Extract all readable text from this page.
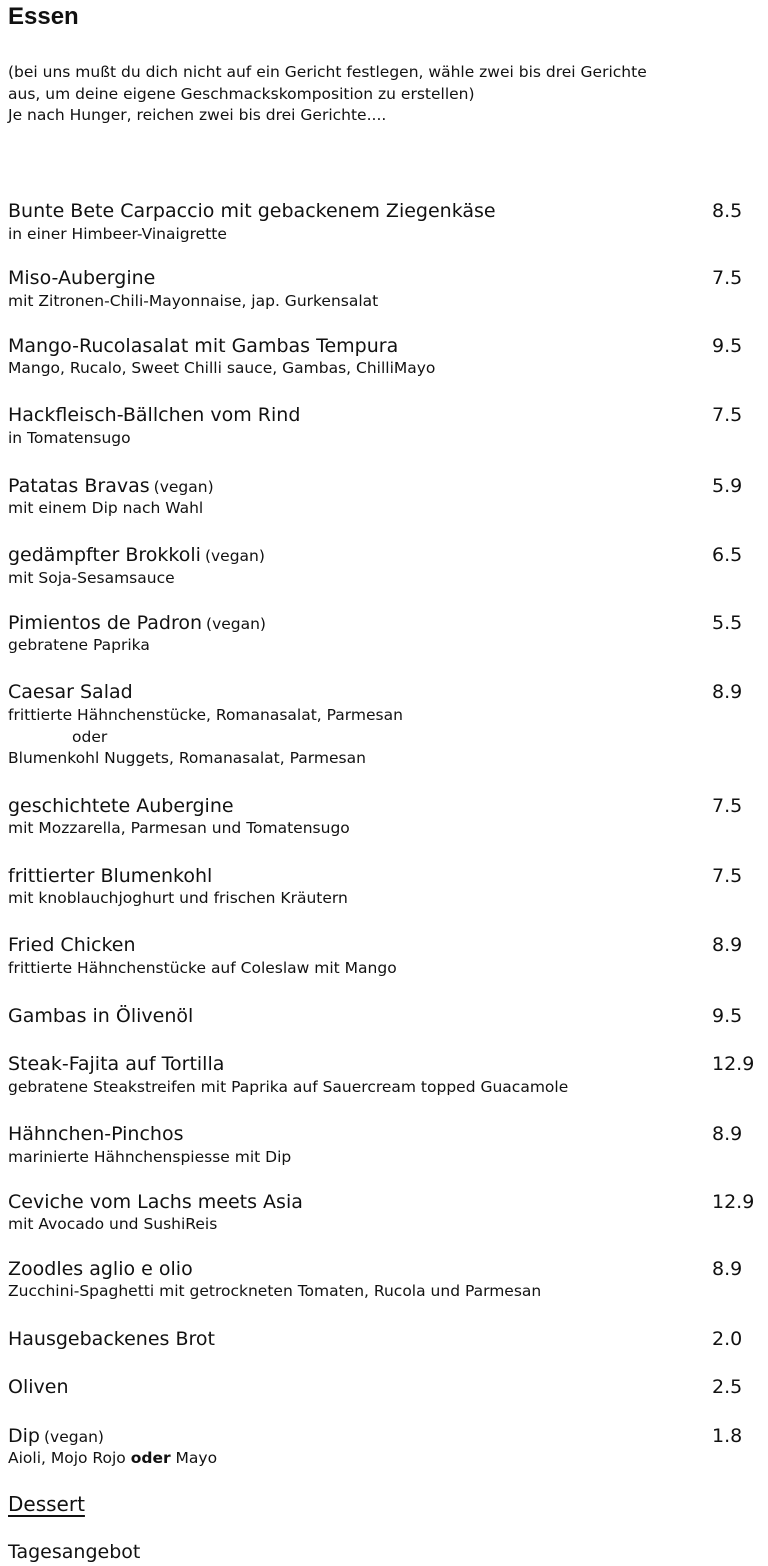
Essen
(bei uns mußt du dich nicht auf ein Gericht festlegen, wähle zwei bis drei Gerichte
aus, um deine eigene Geschmackskomposition zu erstellen)
Je nach Hunger, reichen zwei bis drei Gerichte....
Bunte Bete Carpaccio mit gebackenem Ziegenkäse	8.5
in einer Himbeer-Vinaigrette
Miso-Aubergine	7.5
mit Zitronen-Chili-Mayonnaise, jap. Gurkensalat
Mango-Rucolasalat mit Gambas Tempura	9.5
Mango, Rucalo, Sweet Chilli sauce, Gambas, ChilliMayo
Hackfleisch-Bällchen vom Rind	7.5
in Tomatensugo
Patatas Bravas (vegan)	5.9
mit einem Dip nach Wahl
gedämpfter Brokkoli (vegan)	6.5
mit Soja-Sesamsauce
Pimientos de Padron (vegan)	5.5
gebratene Paprika
Caesar Salad	8.9
frittierte Hähnchenstücke, Romanasalat, Parmesan
oder
Blumenkohl Nuggets, Romanasalat, Parmesan
geschichtete Aubergine	7.5
mit Mozzarella, Parmesan und Tomatensugo
frittierter Blumenkohl	7.5
mit knoblauchjoghurt und frischen Kräutern
Fried Chicken	8.9
frittierte Hähnchenstücke auf Coleslaw mit Mango
Gambas in Ölivenöl	9.5
Steak-Fajita auf Tortilla	12.9
gebratene Steakstreifen mit Paprika auf Sauercream topped Guacamole
Hähnchen-Pinchos	8.9
marinierte Hähnchenspiesse mit Dip
Ceviche vom Lachs meets Asia	12.9
mit Avocado und SushiReis
Zoodles aglio e olio	8.9
Zucchini-Spaghetti mit getrockneten Tomaten, Rucola und Parmesan
Hausgebackenes Brot	2.0
Oliven	2.5
Dip (vegan)	1.8
Aioli, Mojo Rojo oder Mayo
Dessert
Tagesangebot
